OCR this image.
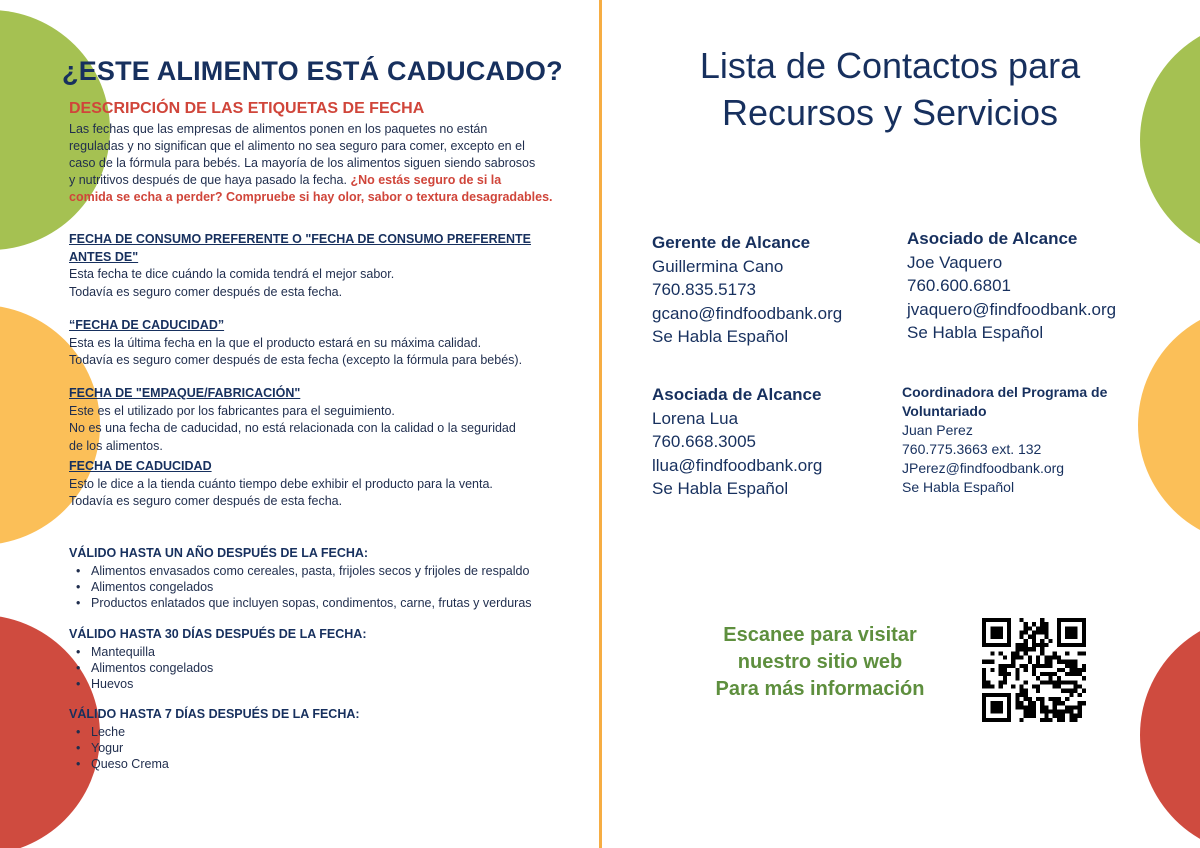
¿ESTE ALIMENTO ESTÁ CADUCADO?
DESCRIPCIÓN DE LAS ETIQUETAS DE FECHA
Las fechas que las empresas de alimentos ponen en los paquetes no están
reguladas y no significan que el alimento no sea seguro para comer, excepto en el
caso de la fórmula para bebés. La mayoría de los alimentos siguen siendo sabrosos
y nutritivos después de que haya pasado la fecha. ¿No estás seguro de si la
comida se echa a perder? Compruebe si hay olor, sabor o textura desagradables.
FECHA DE CONSUMO PREFERENTE O "FECHA DE CONSUMO PREFERENTE
ANTES DE"
Esta fecha te dice cuándo la comida tendrá el mejor sabor.
Todavía es seguro comer después de esta fecha.
“FECHA DE CADUCIDAD”
Esta es la última fecha en la que el producto estará en su máxima calidad.
Todavía es seguro comer después de esta fecha (excepto la fórmula para bebés).
FECHA DE "EMPAQUE/FABRICACIÓN"
Este es el utilizado por los fabricantes para el seguimiento.
No es una fecha de caducidad, no está relacionada con la calidad o la seguridad
de los alimentos.
FECHA DE CADUCIDAD
Esto le dice a la tienda cuánto tiempo debe exhibir el producto para la venta.
Todavía es seguro comer después de esta fecha.
VÁLIDO HASTA UN AÑO DESPUÉS DE LA FECHA:
• Alimentos envasados como cereales, pasta, frijoles secos y frijoles de respaldo
• Alimentos congelados
• Productos enlatados que incluyen sopas, condimentos, carne, frutas y verduras
VÁLIDO HASTA 30 DÍAS DESPUÉS DE LA FECHA:
• Mantequilla
• Alimentos congelados
• Huevos
VÁLIDO HASTA 7 DÍAS DESPUÉS DE LA FECHA:
• Leche
• Yogur
• Queso Crema
Lista de Contactos para
Recursos y Servicios
Gerente de Alcance
Guillermina Cano
760.835.5173
gcano@findfoodbank.org
Se Habla Español
Asociado de Alcance
Joe Vaquero
760.600.6801
jvaquero@findfoodbank.org
Se Habla Español
Asociada de Alcance
Lorena Lua
760.668.3005
llua@findfoodbank.org
Se Habla Español
Coordinadora del Programa de
Voluntariado
Juan Perez
760.775.3663 ext. 132
JPerez@findfoodbank.org
Se Habla Español
Escanee para visitar
nuestro sitio web
Para más información
